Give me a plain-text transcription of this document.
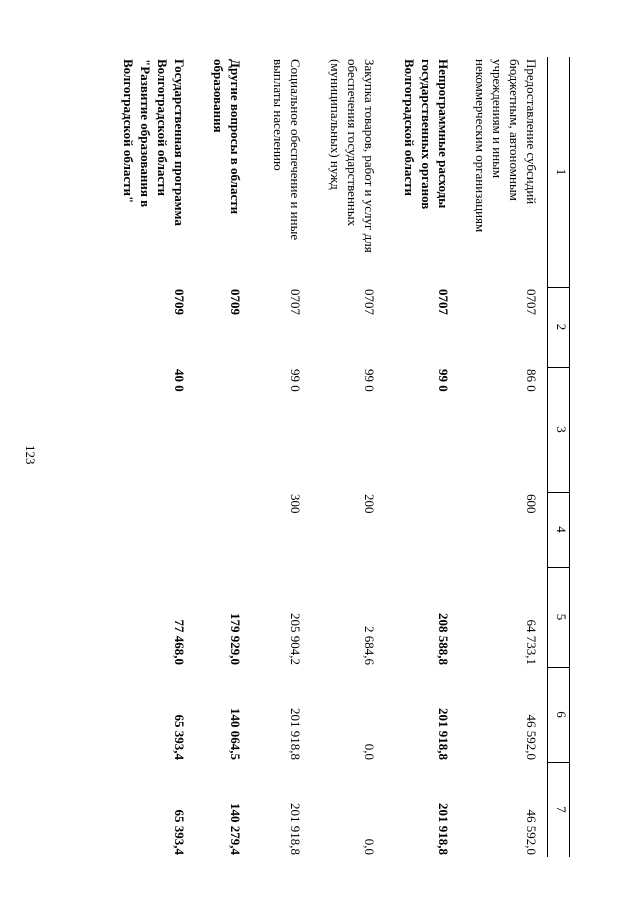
123
1
2
3
4
5
6
7
Предоставление субсидий бюджетным, автономным учреждениям и иным некоммерческим организациям
0707
86 0
600
64 733,1
46 592,0
46 592,0
Непрограммные расходы государственных органов Волгоградской области
0707
99 0
208 588,8
201 918,8
201 918,8
Закупка товаров, работ и услуг для обеспечения государственных (муниципальных) нужд
0707
99 0
200
2 684,6
0,0
0,0
Социальное обеспечение и иные выплаты населению
0707
99 0
300
205 904,2
201 918,8
201 918,8
Другие вопросы в области образования
0709
179 929,0
140 064,5
140 279,4
Государственная программа Волгоградской области "Развитие образования в Волгоградской области"
0709
40 0
77 468,0
65 393,4
65 393,4
